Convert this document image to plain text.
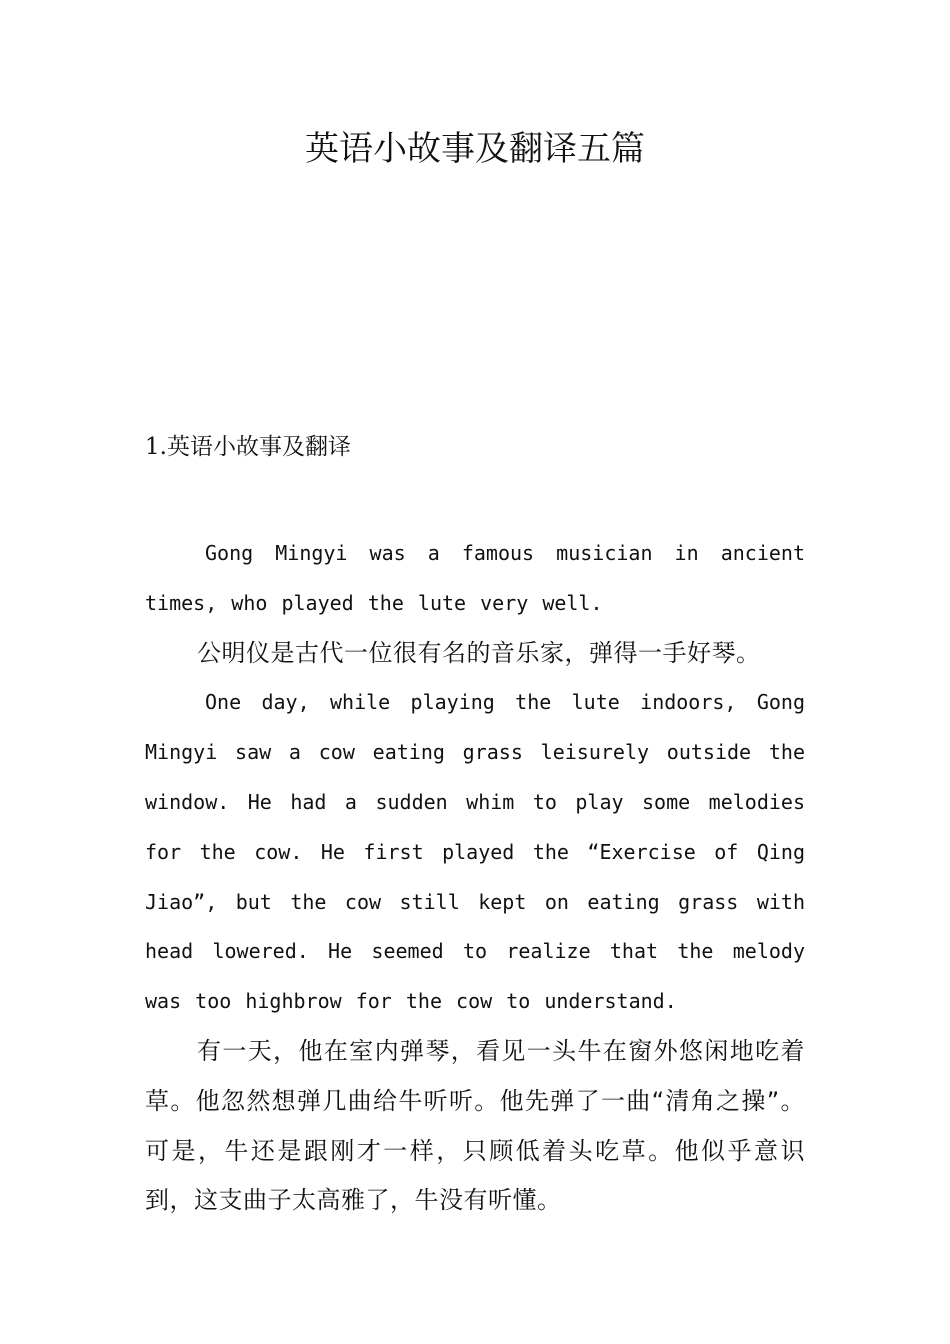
英语小故事及翻译五篇
1.英语小故事及翻译

Gong Mingyi was a famous musician in ancient times, who played the lute very well.

公明仪是古代一位很有名的音乐家，弹得一手好琴。

One day, while playing the lute indoors, Gong Mingyi saw a cow eating grass leisurely outside the window. He had a sudden whim to play some melodies for the cow. He first played the “Exercise of Qing Jiao”, but the cow still kept on eating grass with head lowered. He seemed to realize that the melody was too highbrow for the cow to understand.

有一天，他在室内弹琴，看见一头牛在窗外悠闲地吃着草。他忽然想弹几曲给牛听听。他先弹了一曲“清角之操”。可是，牛还是跟刚才一样，只顾低着头吃草。他似乎意识到，这支曲子太高雅了，牛没有听懂。
